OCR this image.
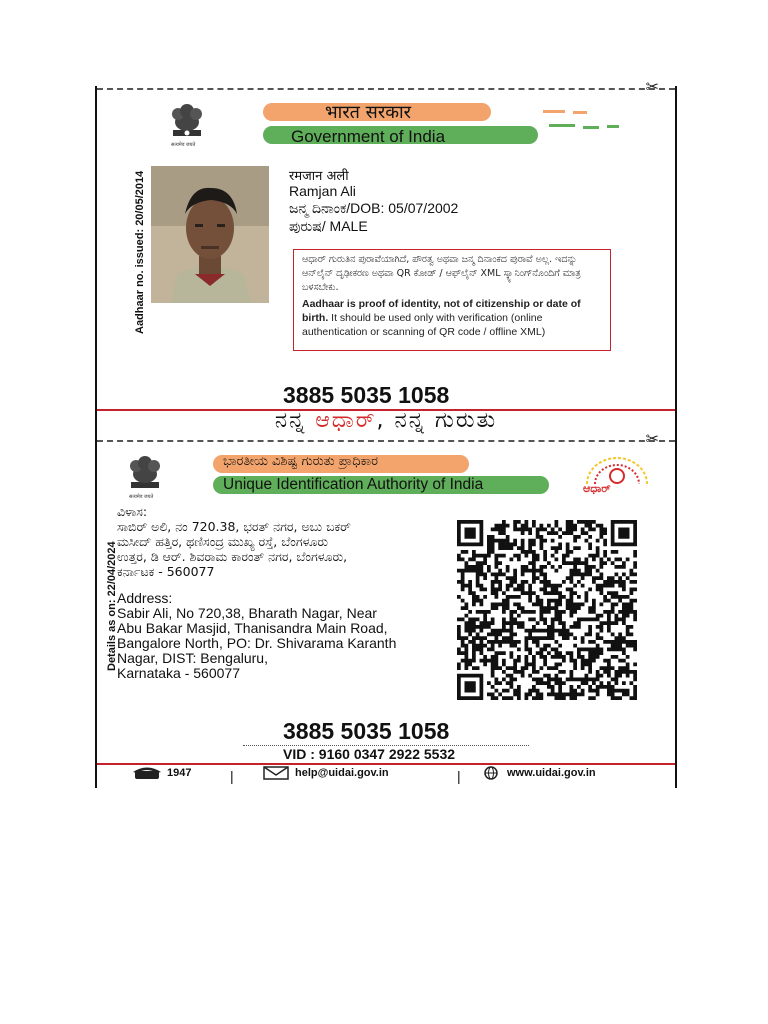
✂
सत्यमेव जयते
भारत सरकार
Government of India
Aadhaar no. issued: 20/05/2014	रमजान अली
Ramjan Ali
ಜನ್ಮ ದಿನಾಂಕ/DOB: 05/07/2002
ಪುರುಷ/ MALE

ಆಧಾರ್ ಗುರುತಿನ ಪುರಾವೆಯಾಗಿದೆ, ಪೌರತ್ವ ಅಥವಾ ಜನ್ಮ ದಿನಾಂಕದ ಪುರಾವೆ ಅಲ್ಲ. ಇದನ್ನು ಆನ್‌ಲೈನ್ ದೃಢೀಕರಣ ಅಥವಾ QR ಕೋಡ್ / ಆಫ್‌ಲೈನ್ XML ಸ್ಕ್ಯಾನಿಂಗ್‌ನೊಂದಿಗೆ ಮಾತ್ರ ಬಳಸಬೇಕು.

Aadhaar is proof of identity, not of citizenship or date of birth. It should be used only with verification (online authentication or scanning of QR code / offline XML)

3885 5035 1058
ನನ್ನ ಆಧಾರ್, ನನ್ನ ಗುರುತು
✂
सत्यमेव जयते
ಭಾರತೀಯ ವಿಶಿಷ್ಟ ಗುರುತು ಪ್ರಾಧಿಕಾರ
Unique Identification Authority of India	ಆಧಾರ್
Details as on: 22/04/2024
ವಿಳಾಸ:
ಸಾಬಿರ್ ಅಲಿ, ನಂ 720.38, ಭರತ್ ನಗರ, ಅಬು ಬಕರ್
ಮಸೀದ್ ಹತ್ತಿರ, ಥಣಿಸಂದ್ರ ಮುಖ್ಯ ರಸ್ತೆ, ಬೆಂಗಳೂರು
ಉತ್ತರ, ಡಿ ಆರ್. ಶಿವರಾಮ ಕಾರಂತ್ ನಗರ, ಬೆಂಗಳೂರು,
ಕರ್ನಾಟಕ - 560077
Address:
Sabir Ali, No 720,38, Bharath Nagar, Near
Abu Bakar Masjid, Thanisandra Main Road,
Bangalore North, PO: Dr. Shivarama Karanth
Nagar, DIST: Bengaluru,
Karnataka - 560077
3885 5035 1058
VID : 9160 0347 2922 5532
1947	|	help@uidai.gov.in	|	www.uidai.gov.in
